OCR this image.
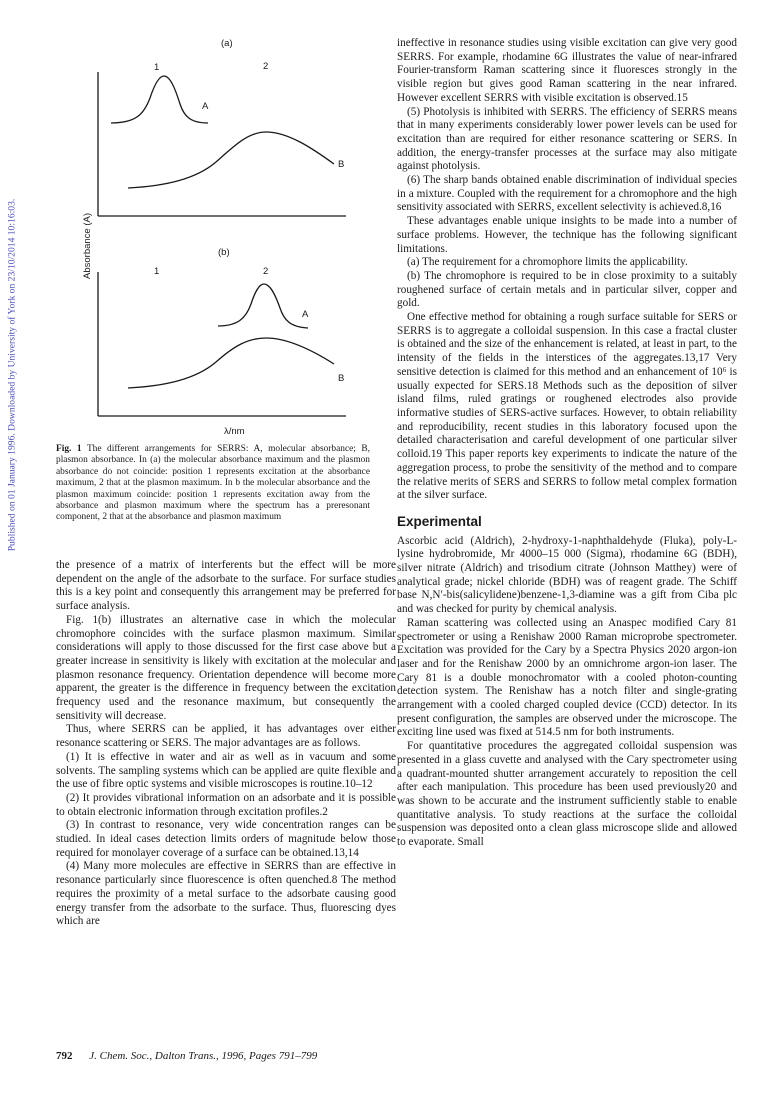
Published on 01 January 1996. Downloaded by University of York on 23/10/2014 10:16:03.
(a)
1	2
A
B
Absorbance (A)	(b)
1	2
A
B
λ/nm
Fig. 1 The different arrangements for SERRS: A, molecular absorbance; B, plasmon absorbance. In (a) the molecular absorbance maximum and the plasmon absorbance do not coincide: position 1 represents excitation at the absorbance maximum, 2 that at the plasmon maximum. In b the molecular absorbance and the plasmon maximum coincide: position 1 represents excitation away from the absorbance and plasmon maximum where the spectrum has a preresonant component, 2 that at the absorbance and plasmon maximum

the presence of a matrix of interferents but the effect will be more dependent on the angle of the adsorbate to the surface. For surface studies this is a key point and consequently this arrangement may be preferred for surface analysis.

Fig. 1(b) illustrates an alternative case in which the molecular chromophore coincides with the surface plasmon maximum. Similar considerations will apply to those discussed for the first case above but a greater increase in sensitivity is likely with excitation at the molecular and plasmon resonance frequency. Orientation dependence will become more apparent, the greater is the difference in frequency between the excitation frequency used and the resonance maximum, but consequently the sensitivity will decrease.

Thus, where SERRS can be applied, it has advantages over either resonance scattering or SERS. The major advantages are as follows.

(1) It is effective in water and air as well as in vacuum and some solvents. The sampling systems which can be applied are quite flexible and the use of fibre optic systems and visible microscopes is routine.10–12

(2) It provides vibrational information on an adsorbate and it is possible to obtain electronic information through excitation profiles.2

(3) In contrast to resonance, very wide concentration ranges can be studied. In ideal cases detection limits orders of magnitude below those required for monolayer coverage of a surface can be obtained.13,14

(4) Many more molecules are effective in SERRS than are effective in resonance particularly since fluorescence is often quenched.8 The method requires the proximity of a metal surface to the adsorbate causing good energy transfer from the adsorbate to the surface. Thus, fluorescing dyes which are

ineffective in resonance studies using visible excitation can give very good SERRS. For example, rhodamine 6G illustrates the value of near-infrared Fourier-transform Raman scattering since it fluoresces strongly in the visible region but gives good Raman scattering in the near infrared. However excellent SERRS with visible excitation is observed.15

(5) Photolysis is inhibited with SERRS. The efficiency of SERRS means that in many experiments considerably lower power levels can be used for excitation than are required for either resonance scattering or SERS. In addition, the energy-transfer processes at the surface may also mitigate against photolysis.

(6) The sharp bands obtained enable discrimination of individual species in a mixture. Coupled with the requirement for a chromophore and the high sensitivity associated with SERRS, excellent selectivity is achieved.8,16

These advantages enable unique insights to be made into a number of surface problems. However, the technique has the following significant limitations.

(a) The requirement for a chromophore limits the applicability.

(b) The chromophore is required to be in close proximity to a suitably roughened surface of certain metals and in particular silver, copper and gold.

One effective method for obtaining a rough surface suitable for SERS or SERRS is to aggregate a colloidal suspension. In this case a fractal cluster is obtained and the size of the enhancement is related, at least in part, to the intensity of the fields in the interstices of the aggregates.13,17 Very sensitive detection is claimed for this method and an enhancement of 10⁶ is usually expected for SERS.18 Methods such as the deposition of silver island films, ruled gratings or roughened electrodes also provide informative studies of SERS-active surfaces. However, to obtain reliability and reproducibility, recent studies in this laboratory focused upon the detailed characterisation and careful development of one particular silver colloid.19 This paper reports key experiments to indicate the nature of the aggregation process, to probe the sensitivity of the method and to compare the relative merits of SERS and SERRS to follow metal complex formation at the silver surface.

Experimental

Ascorbic acid (Aldrich), 2-hydroxy-1-naphthaldehyde (Fluka), poly-L-lysine hydrobromide, Mr 4000–15 000 (Sigma), rhodamine 6G (BDH), silver nitrate (Aldrich) and trisodium citrate (Johnson Matthey) were of analytical grade; nickel chloride (BDH) was of reagent grade. The Schiff base N,N′-bis(salicylidene)benzene-1,3-diamine was a gift from Ciba plc and was checked for purity by chemical analysis.

Raman scattering was collected using an Anaspec modified Cary 81 spectrometer or using a Renishaw 2000 Raman microprobe spectrometer. Excitation was provided for the Cary by a Spectra Physics 2020 argon-ion laser and for the Renishaw 2000 by an omnichrome argon-ion laser. The Cary 81 is a double monochromator with a cooled photon-counting detection system. The Renishaw has a notch filter and single-grating arrangement with a cooled charged coupled device (CCD) detector. In its present configuration, the samples are observed under the microscope. The exciting line used was fixed at 514.5 nm for both instruments.

For quantitative procedures the aggregated colloidal suspension was presented in a glass cuvette and analysed with the Cary spectrometer using a quadrant-mounted shutter arrangement accurately to reposition the cell after each manipulation. This procedure has been used previously20 and was shown to be accurate and the instrument sufficiently stable to enable quantitative analysis. To study reactions at the surface the colloidal suspension was deposited onto a clean glass microscope slide and allowed to evaporate. Small

792 J. Chem. Soc., Dalton Trans., 1996, Pages 791–799
